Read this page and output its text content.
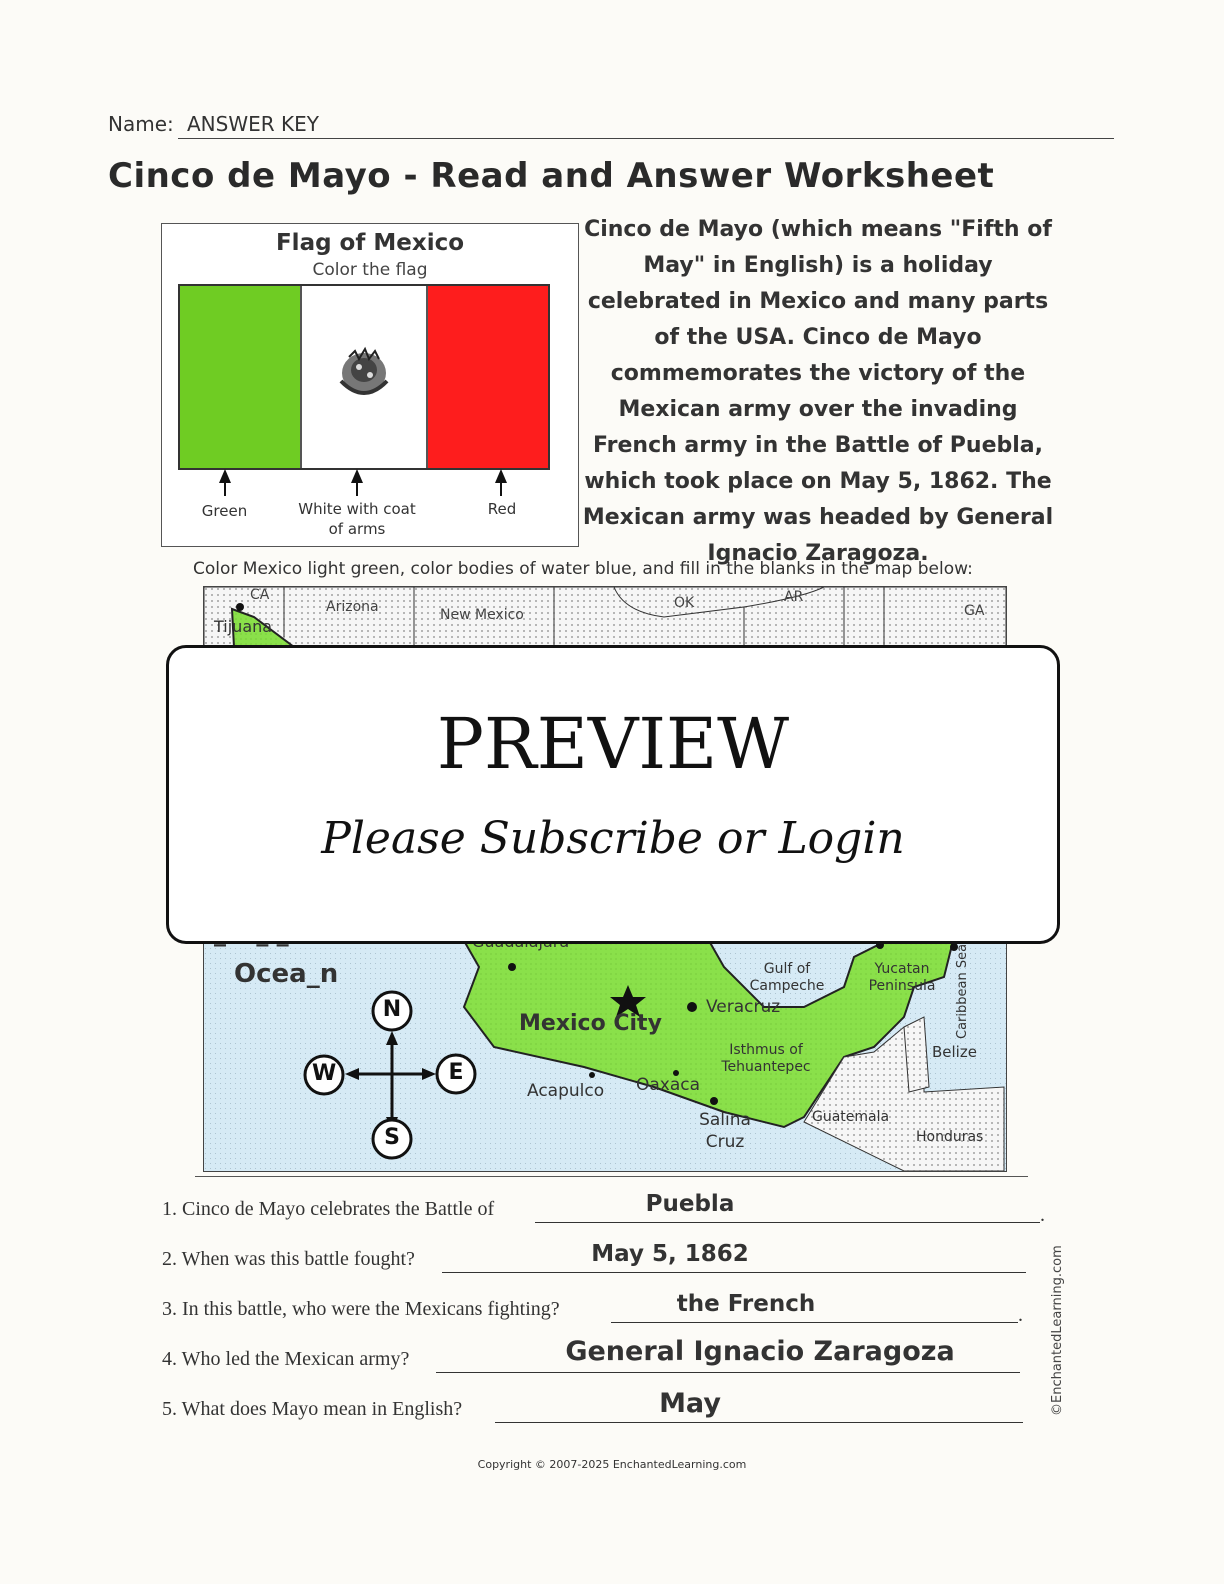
Name: ANSWER KEY
Cinco de Mayo - Read and Answer Worksheet
Flag of Mexico
Color the flag
Green	White with coat of arms
Red
Cinco de Mayo (which means "Fifth of May" in English) is a holiday celebrated in Mexico and many parts of the USA. Cinco de Mayo commemorates the victory of the Mexican army over the invading French army in the Battle of Puebla, which took place on May 5, 1862. The Mexican army was headed by General Ignacio Zaragoza.
Color Mexico light green, color bodies of water blue, and fill in the blanks in the map below:
CA
Arizona	New Mexico
OK	AR
GA
Tijuana
Ocea_n	Gulf of Campeche
Yucatan Peninsula	Caribbean Sea
Veracruz
Mexico City
Isthmus of Tehuantepec
Belize
Acapulco Oaxaca
Salina Cruz
Guatemala
Honduras
N
S
W	E
PREVIEW
Please Subscribe or Login
1. Cinco de Mayo celebrates the Battle of	Puebla	.
2. When was this battle fought?	May 5, 1862
3. In this battle, who were the Mexicans fighting?	the French	.
4. Who led the Mexican army?	General Ignacio Zaragoza
5. What does Mayo mean in English?	May	©EnchantedLearning.com
Copyright © 2007-2025 EnchantedLearning.com
